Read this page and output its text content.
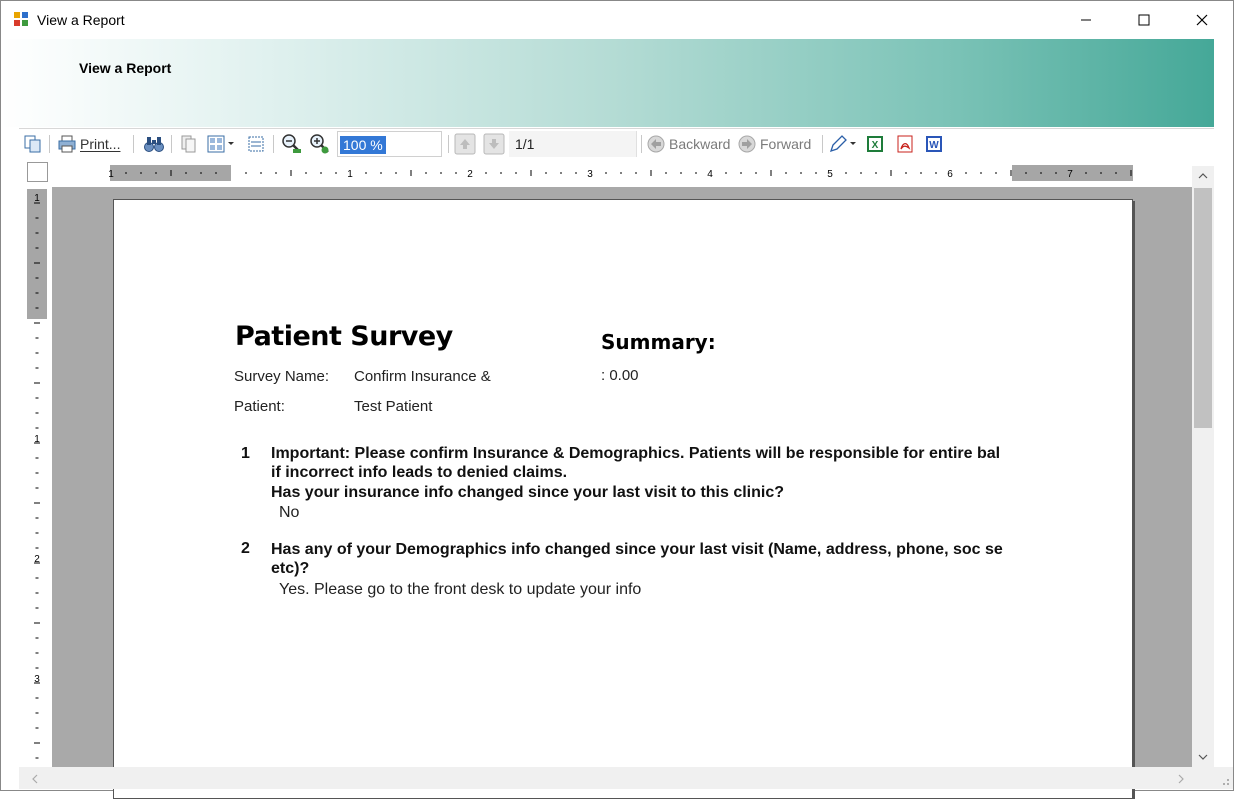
View a Report
View a Report
Print...	100 %	1/1	Backward Forward	X	W
1	1	2	3	4	5	6	7
1
1
2
3
Patient Survey	Summary:
: 0.00
Survey Name: Confirm Insurance &
Patient:	Test Patient
1 Important: Please confirm Insurance & Demographics. Patients will be responsible for entire bal
if incorrect info leads to denied claims.
Has your insurance info changed since your last visit to this clinic?
No
2 Has any of your Demographics info changed since your last visit (Name, address, phone, soc se
etc)?
Yes. Please go to the front desk to update your info
